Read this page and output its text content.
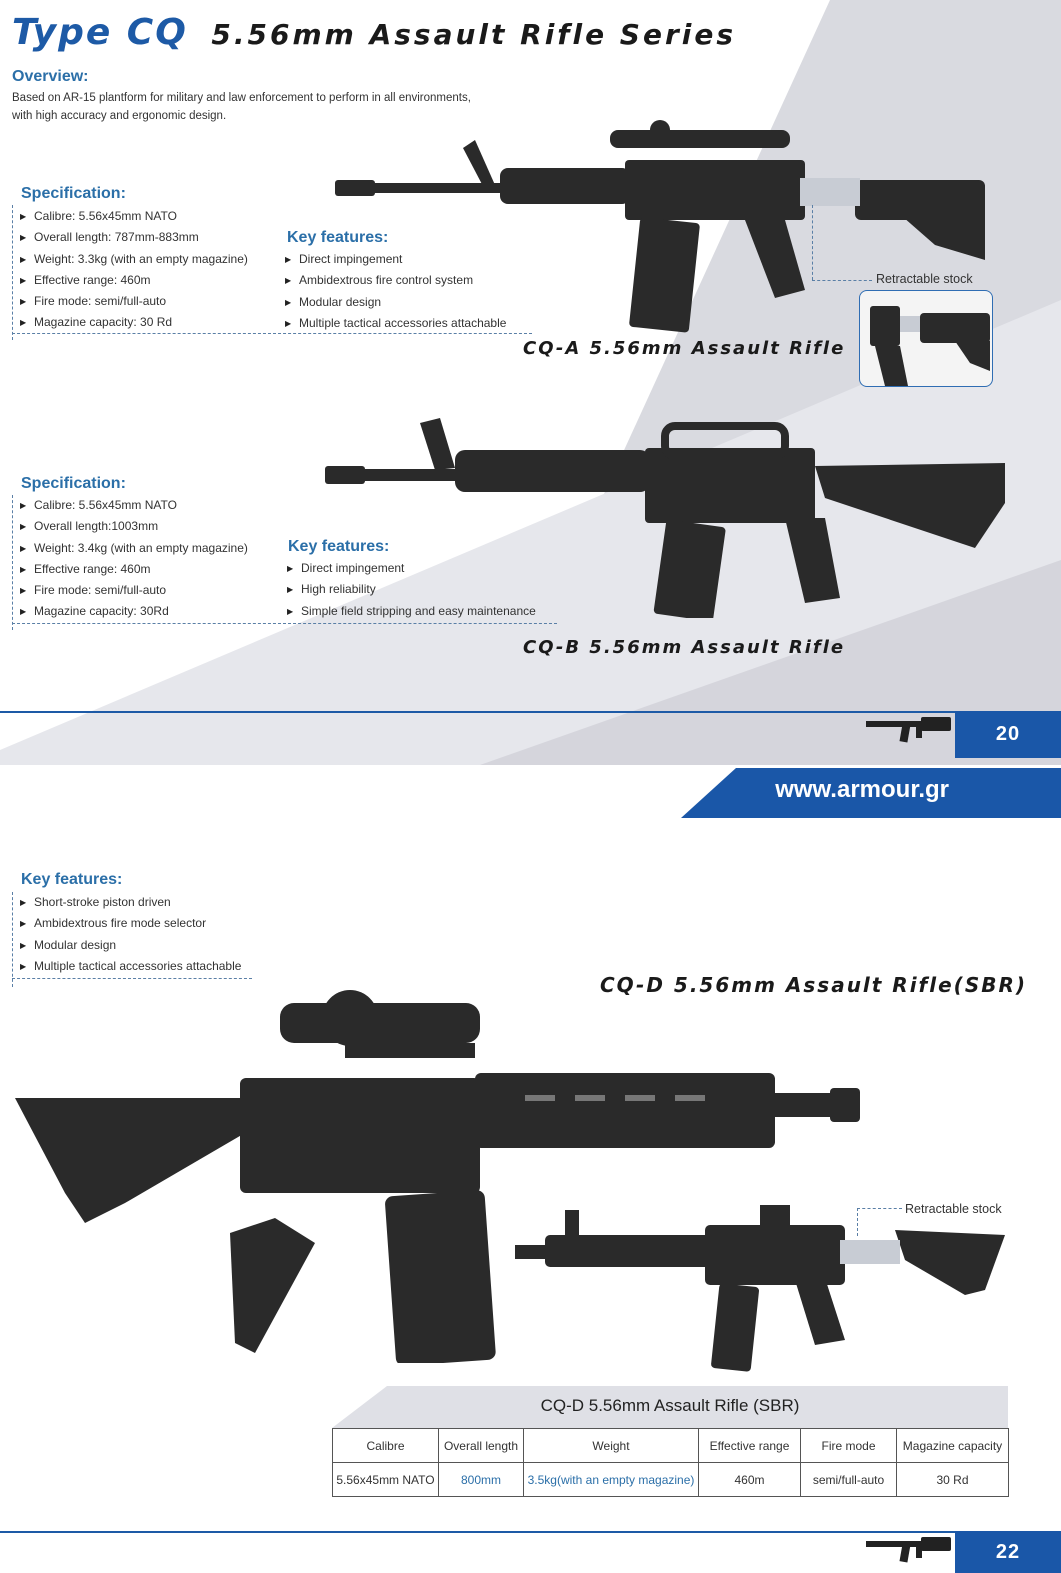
Type CQ 5.56mm Assault Rifle Series
Overview:
Based on AR-15 plantform for military and law enforcement to perform in all environments,
with high accuracy and ergonomic design.
Specification:
▶ Calibre: 5.56x45mm NATO
▶ Overall length: 787mm-883mm
▶ Weight: 3.3kg (with an empty magazine)
▶ Effective range: 460m
▶ Fire mode: semi/full-auto
▶ Magazine capacity: 30 Rd
Key features:
▶ Direct impingement
▶ Ambidextrous fire control system
▶ Modular design
▶ Multiple tactical accessories attachable
Retractable stock
CQ-A 5.56mm Assault Rifle
Specification:
▶ Calibre: 5.56x45mm NATO
▶ Overall length:1003mm
▶ Weight: 3.4kg (with an empty magazine)
▶ Effective range: 460m
▶ Fire mode: semi/full-auto
▶ Magazine capacity: 30Rd
Key features:
▶ Direct impingement
▶ High reliability
▶ Simple field stripping and easy maintenance
CQ-B 5.56mm Assault Rifle
20
www.armour.gr
Key features:
▶ Short-stroke piston driven
▶ Ambidextrous fire mode selector
▶ Modular design
▶ Multiple tactical accessories attachable
CQ-D 5.56mm Assault Rifle(SBR)
Retractable stock
CQ-D 5.56mm Assault Rifle (SBR)
Calibre	Overall length	Weight	Effective range	Fire mode	Magazine capacity
5.56x45mm NATO	800mm	3.5kg(with an empty magazine)	460m	semi/full-auto	30 Rd
22
